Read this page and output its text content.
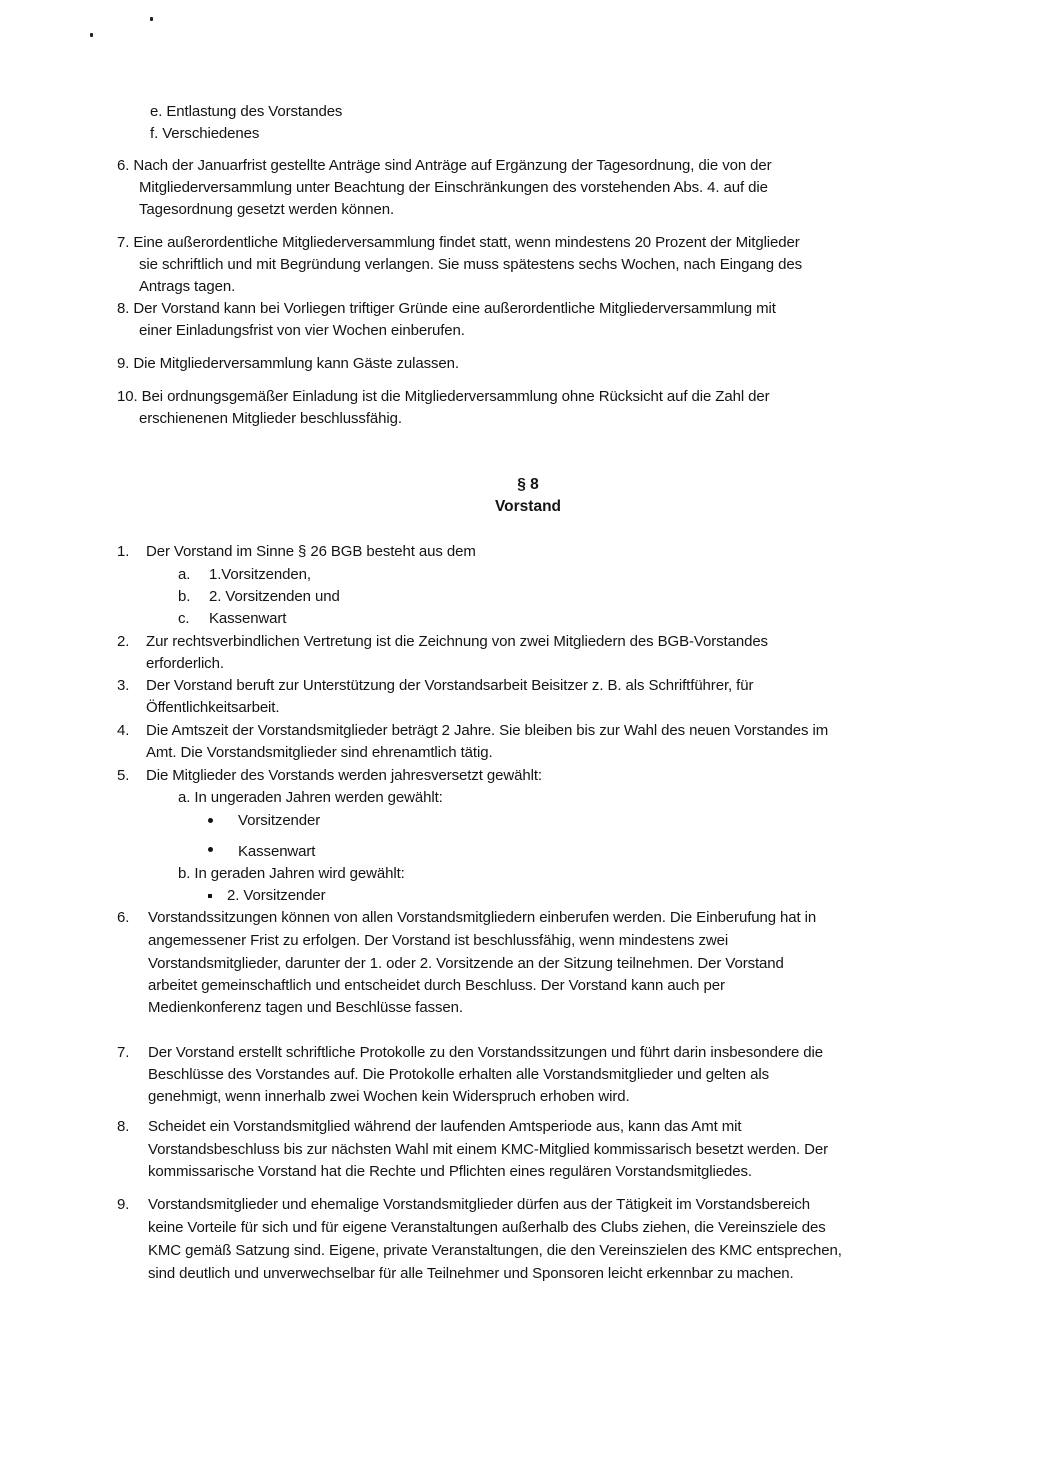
e. Entlastung des Vorstandes
f. Verschiedenes
6. Nach der Januarfrist gestellte Anträge sind Anträge auf Ergänzung der Tagesordnung, die von der
Mitgliederversammlung unter Beachtung der Einschränkungen des vorstehenden Abs. 4. auf die
Tagesordnung gesetzt werden können.
7. Eine außerordentliche Mitgliederversammlung findet statt, wenn mindestens 20 Prozent der Mitglieder
sie schriftlich und mit Begründung verlangen. Sie muss spätestens sechs Wochen, nach Eingang des
Antrags tagen.
8. Der Vorstand kann bei Vorliegen triftiger Gründe eine außerordentliche Mitgliederversammlung mit
einer Einladungsfrist von vier Wochen einberufen.
9. Die Mitgliederversammlung kann Gäste zulassen.
10. Bei ordnungsgemäßer Einladung ist die Mitgliederversammlung ohne Rücksicht auf die Zahl der
erschienenen Mitglieder beschlussfähig.
§ 8
Vorstand
1. Der Vorstand im Sinne § 26 BGB besteht aus dem
a. 1.Vorsitzenden,
b. 2. Vorsitzenden und
c. Kassenwart
2. Zur rechtsverbindlichen Vertretung ist die Zeichnung von zwei Mitgliedern des BGB-Vorstandes
erforderlich.
3. Der Vorstand beruft zur Unterstützung der Vorstandsarbeit Beisitzer z. B. als Schriftführer, für
Öffentlichkeitsarbeit.
4. Die Amtszeit der Vorstandsmitglieder beträgt 2 Jahre. Sie bleiben bis zur Wahl des neuen Vorstandes im
Amt. Die Vorstandsmitglieder sind ehrenamtlich tätig.
5. Die Mitglieder des Vorstands werden jahresversetzt gewählt:
a. In ungeraden Jahren werden gewählt:
Vorsitzender
Kassenwart
b. In geraden Jahren wird gewählt:
2. Vorsitzender
6. Vorstandssitzungen können von allen Vorstandsmitgliedern einberufen werden. Die Einberufung hat in
angemessener Frist zu erfolgen. Der Vorstand ist beschlussfähig, wenn mindestens zwei
Vorstandsmitglieder, darunter der 1. oder 2. Vorsitzende an der Sitzung teilnehmen. Der Vorstand
arbeitet gemeinschaftlich und entscheidet durch Beschluss. Der Vorstand kann auch per
Medienkonferenz tagen und Beschlüsse fassen.
7. Der Vorstand erstellt schriftliche Protokolle zu den Vorstandssitzungen und führt darin insbesondere die
Beschlüsse des Vorstandes auf. Die Protokolle erhalten alle Vorstandsmitglieder und gelten als
genehmigt, wenn innerhalb zwei Wochen kein Widerspruch erhoben wird.
8. Scheidet ein Vorstandsmitglied während der laufenden Amtsperiode aus, kann das Amt mit
Vorstandsbeschluss bis zur nächsten Wahl mit einem KMC-Mitglied kommissarisch besetzt werden. Der
kommissarische Vorstand hat die Rechte und Pflichten eines regulären Vorstandsmitgliedes.
9. Vorstandsmitglieder und ehemalige Vorstandsmitglieder dürfen aus der Tätigkeit im Vorstandsbereich
keine Vorteile für sich und für eigene Veranstaltungen außerhalb des Clubs ziehen, die Vereinsziele des
KMC gemäß Satzung sind. Eigene, private Veranstaltungen, die den Vereinszielen des KMC entsprechen,
sind deutlich und unverwechselbar für alle Teilnehmer und Sponsoren leicht erkennbar zu machen.
